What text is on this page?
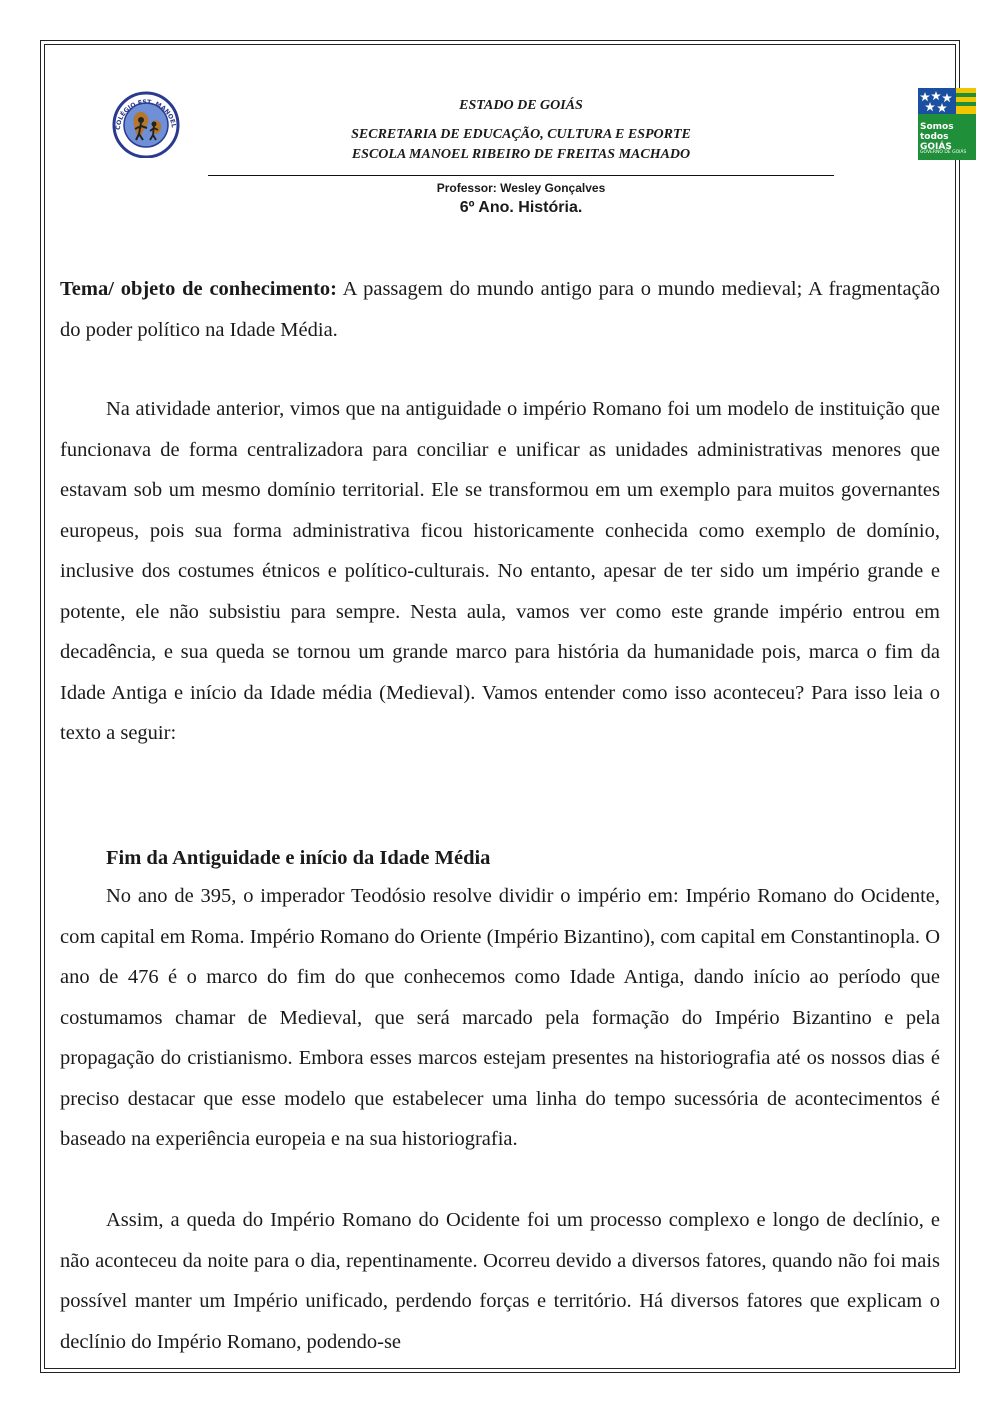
COLÉGIO EST. MANOEL	Somos todos GOIÁS
GOVERNO DE GOIÁS
ESTADO DE GOIÁS
SECRETARIA DE EDUCAÇÃO, CULTURA E ESPORTE
ESCOLA MANOEL RIBEIRO DE FREITAS MACHADO
Professor: Wesley Gonçalves
6º Ano. História.

Tema/ objeto de conhecimento: A passagem do mundo antigo para o mundo medieval; A fragmentação do poder político na Idade Média.

Na atividade anterior, vimos que na antiguidade o império Romano foi um modelo de instituição que funcionava de forma centralizadora para conciliar e unificar as unidades administrativas menores que estavam sob um mesmo domínio territorial. Ele se transformou em um exemplo para muitos governantes europeus, pois sua forma administrativa ficou historicamente conhecida como exemplo de domínio, inclusive dos costumes étnicos e político-culturais. No entanto, apesar de ter sido um império grande e potente, ele não subsistiu para sempre. Nesta aula, vamos ver como este grande império entrou em decadência, e sua queda se tornou um grande marco para história da humanidade pois, marca o fim da Idade Antiga e início da Idade média (Medieval). Vamos entender como isso aconteceu? Para isso leia o texto a seguir:

Fim da Antiguidade e início da Idade Média

No ano de 395, o imperador Teodósio resolve dividir o império em: Império Romano do Ocidente, com capital em Roma. Império Romano do Oriente (Império Bizantino), com capital em Constantinopla. O ano de 476 é o marco do fim do que conhecemos como Idade Antiga, dando início ao período que costumamos chamar de Medieval, que será marcado pela formação do Império Bizantino e pela propagação do cristianismo. Embora esses marcos estejam presentes na historiografia até os nossos dias é preciso destacar que esse modelo que estabelecer uma linha do tempo sucessória de acontecimentos é baseado na experiência europeia e na sua historiografia.

Assim, a queda do Império Romano do Ocidente foi um processo complexo e longo de declínio, e não aconteceu da noite para o dia, repentinamente. Ocorreu devido a diversos fatores, quando não foi mais possível manter um Império unificado, perdendo forças e território. Há diversos fatores que explicam o declínio do Império Romano, podendo-se
